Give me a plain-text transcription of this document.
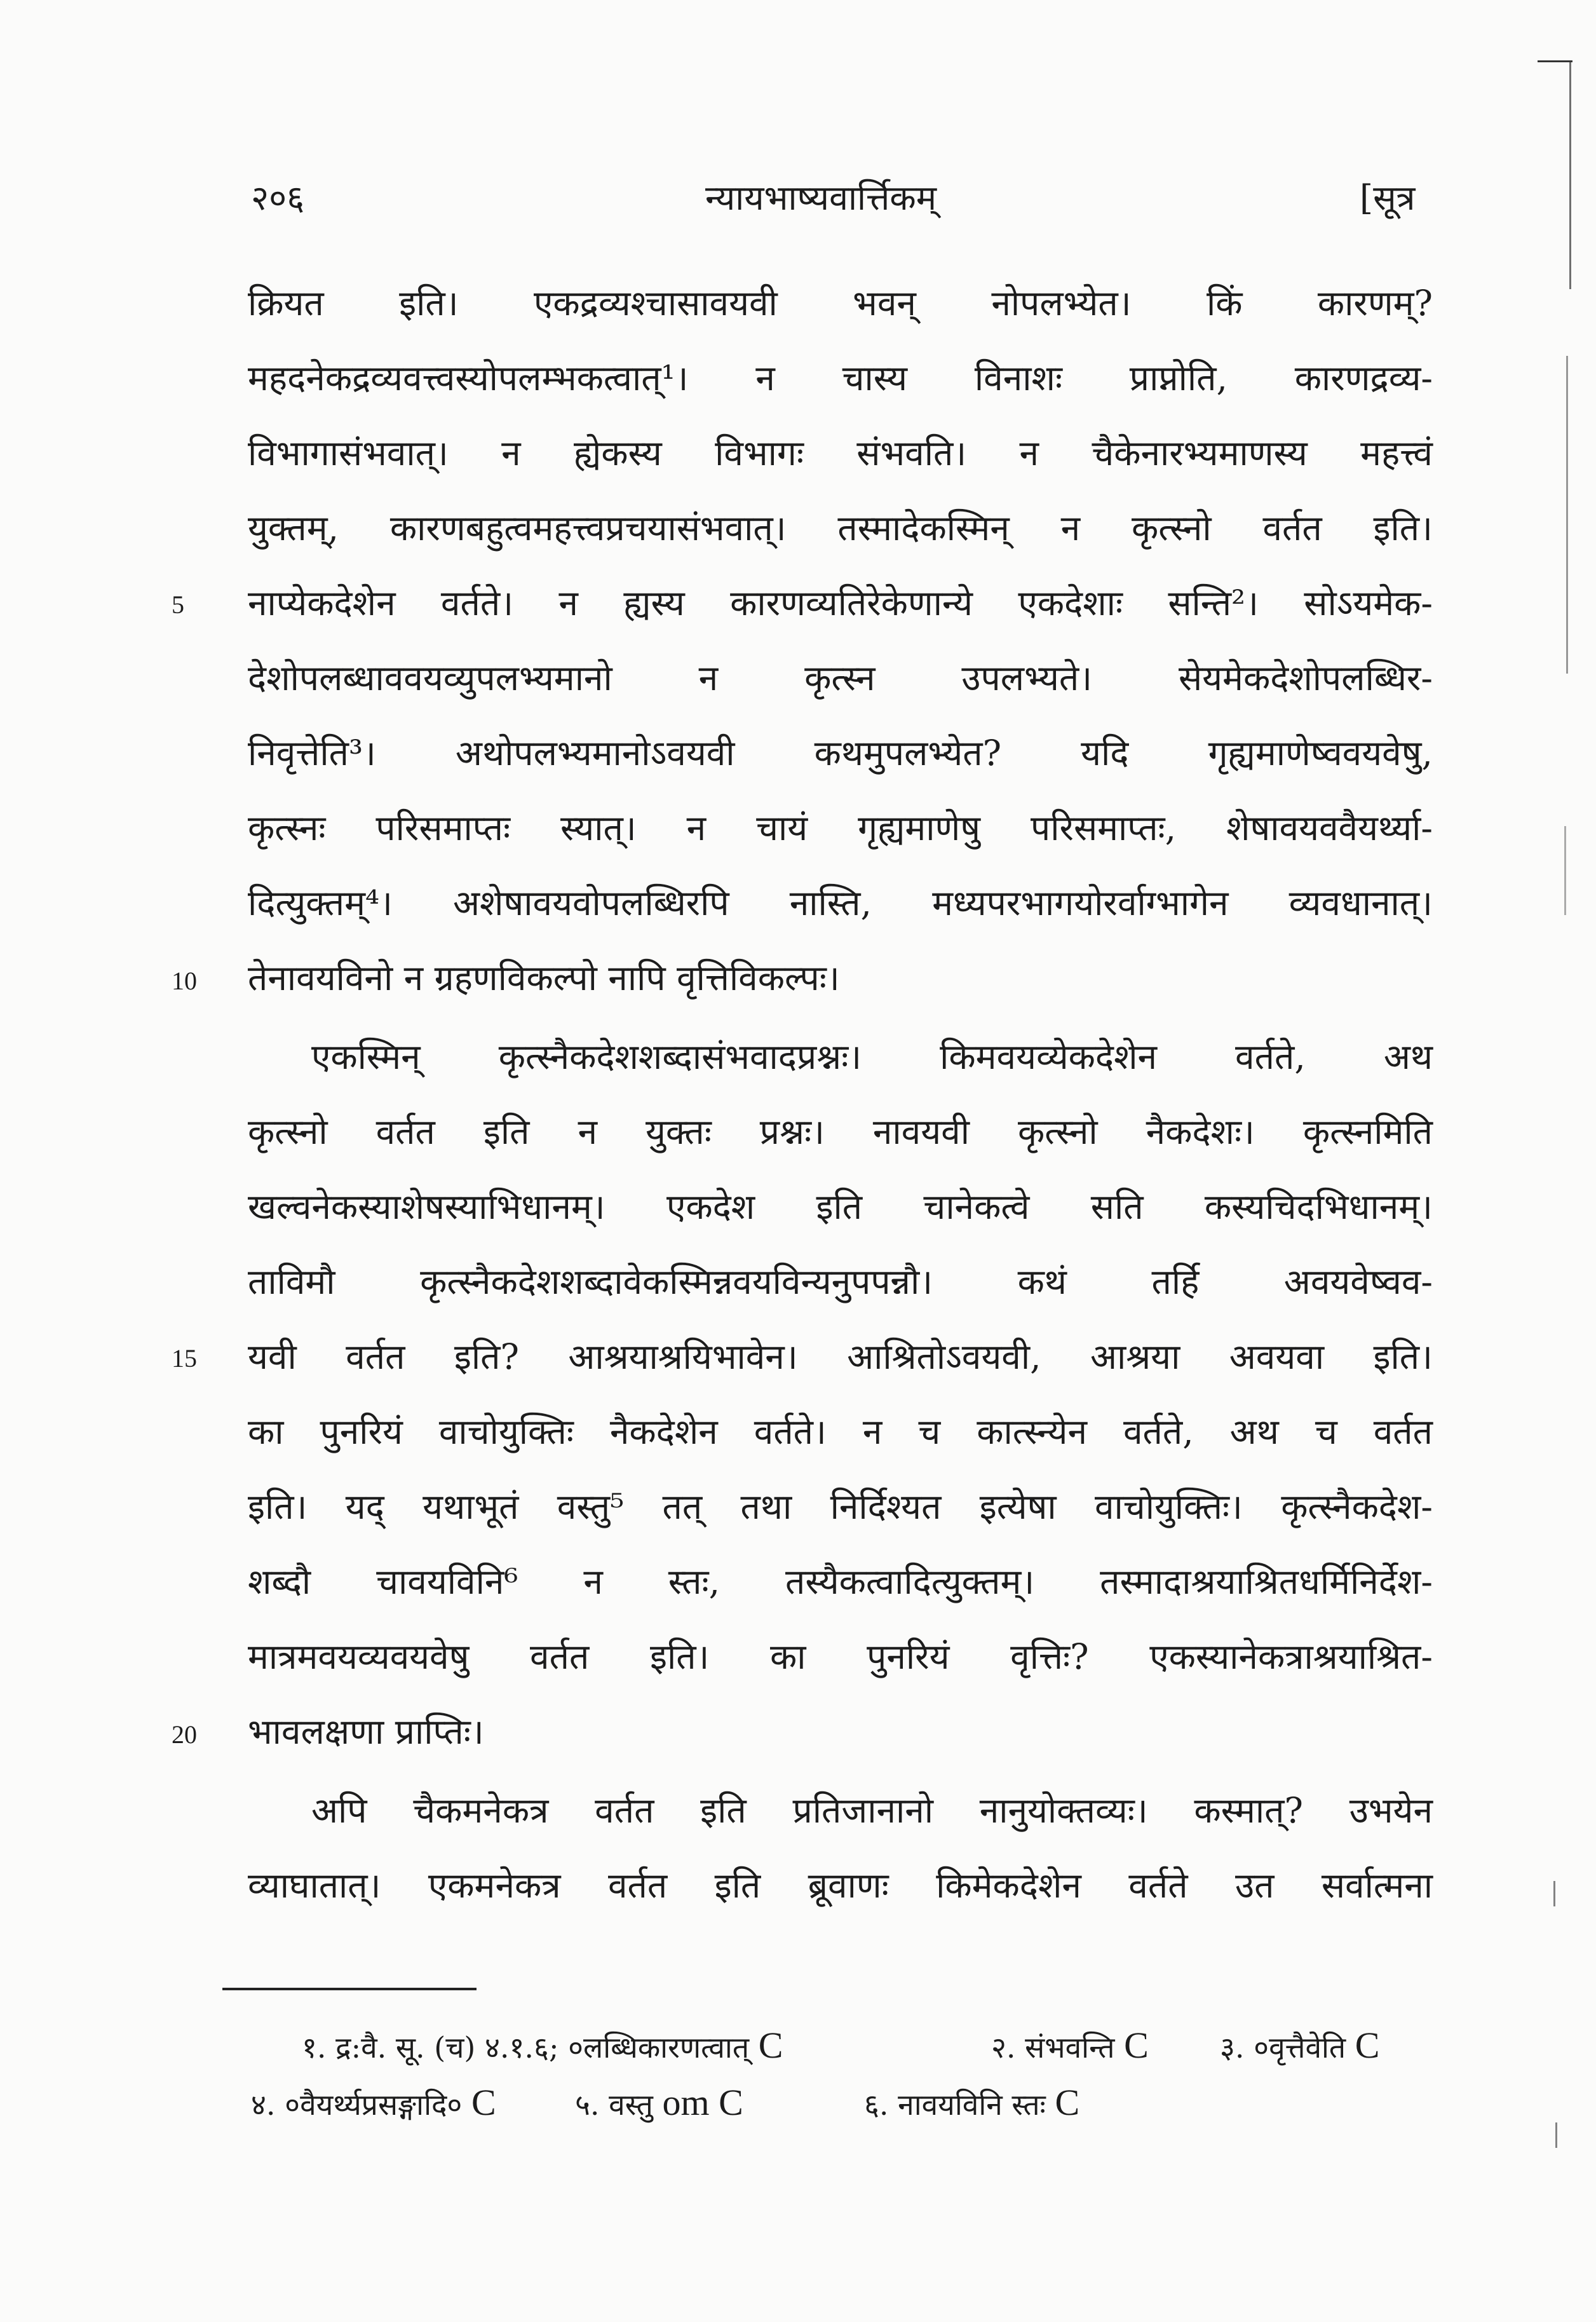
२०६	न्यायभाष्यवार्त्तिकम्	[सूत्र
क्रियत इति। एकद्रव्यश्चासावयवी भवन् नोपलभ्येत। किं कारणम्?
महदनेकद्रव्यवत्त्वस्योपलम्भकत्वात्¹। न चास्य विनाशः प्राप्नोति, कारणद्रव्य-
विभागासंभवात्। न ह्येकस्य विभागः संभवति। न चैकेनारभ्यमाणस्य महत्त्वं
युक्तम्, कारणबहुत्वमहत्त्वप्रचयासंभवात्। तस्मादेकस्मिन् न कृत्स्नो वर्तत इति।
नाप्येकदेशेन वर्तते। न ह्यस्य कारणव्यतिरेकेणान्ये एकदेशाः सन्ति²। सोऽयमेक-
देशोपलब्धाववयव्युपलभ्यमानो न कृत्स्न उपलभ्यते। सेयमेकदेशोपलब्धिर-
निवृत्तेति³। अथोपलभ्यमानोऽवयवी कथमुपलभ्येत? यदि गृह्यमाणेष्ववयवेषु,
कृत्स्नः परिसमाप्तः स्यात्। न चायं गृह्यमाणेषु परिसमाप्तः, शेषावयववैयर्थ्या-
दित्युक्तम्⁴। अशेषावयवोपलब्धिरपि नास्ति, मध्यपरभागयोरर्वाग्भागेन व्यवधानात्।
तेनावयविनो न ग्रहणविकल्पो नापि वृत्तिविकल्पः।
एकस्मिन् कृत्स्नैकदेशशब्दासंभवादप्रश्नः। किमवयव्येकदेशेन वर्तते, अथ
कृत्स्नो वर्तत इति न युक्तः प्रश्नः। नावयवी कृत्स्नो नैकदेशः। कृत्स्नमिति
खल्वनेकस्याशेषस्याभिधानम्। एकदेश इति चानेकत्वे सति कस्यचिदभिधानम्।
ताविमौ कृत्स्नैकदेशशब्दावेकस्मिन्नवयविन्यनुपपन्नौ। कथं तर्हि अवयवेष्वव-
यवी वर्तत इति? आश्रयाश्रयिभावेन। आश्रितोऽवयवी, आश्रया अवयवा इति।
का पुनरियं वाचोयुक्तिः नैकदेशेन वर्तते। न च कात्स्न्येन वर्तते, अथ च वर्तत
इति। यद् यथाभूतं वस्तु⁵ तत् तथा निर्दिश्यत इत्येषा वाचोयुक्तिः। कृत्स्नैकदेश-
शब्दौ चावयविनि⁶ न स्तः, तस्यैकत्वादित्युक्तम्। तस्मादाश्रयाश्रितधर्मिनिर्देश-
मात्रमवयव्यवयवेषु वर्तत इति। का पुनरियं वृत्तिः? एकस्यानेकत्राश्रयाश्रित-
भावलक्षणा प्राप्तिः।
अपि चैकमनेकत्र वर्तत इति प्रतिजानानो नानुयोक्तव्यः। कस्मात्? उभयेन
व्याघातात्। एकमनेकत्र वर्तत इति ब्रूवाणः किमेकदेशेन वर्तते उत सर्वात्मना
5
10
15
20
१. द्र:वै. सू. (च) ४.१.६; ०लब्धिकारणत्वात् C	२. संभवन्ति C ३. ०वृत्तैवेति C
४. ०वैयर्थ्यप्रसङ्गादि० C	५. वस्तु om C	६. नावयविनि स्तः C
